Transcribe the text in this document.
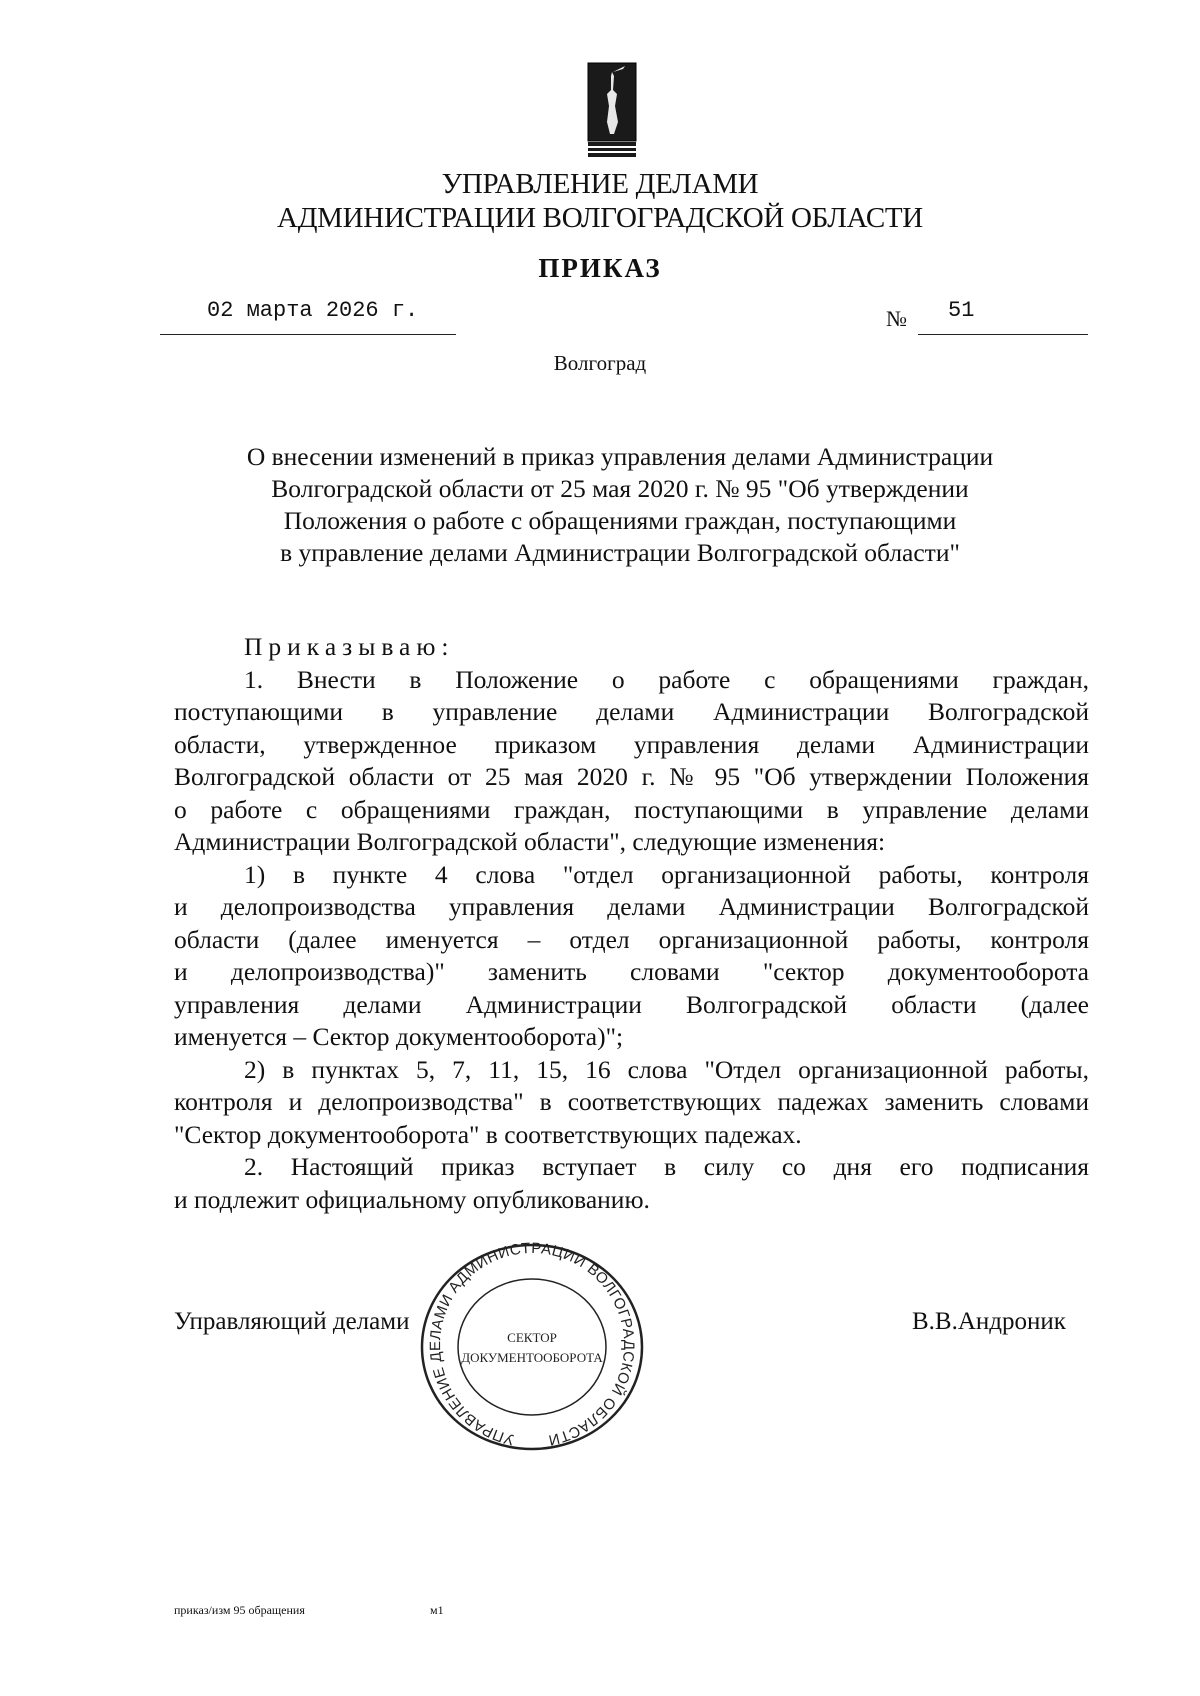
УПРАВЛЕНИЕ ДЕЛАМИ
АДМИНИСТРАЦИИ ВОЛГОГРАДСКОЙ ОБЛАСТИ
ПРИКАЗ
02 марта 2026 г.	№ 51
Волгоград
О внесении изменений в приказ управления делами Администрации
Волгоградской области от 25 мая 2020 г. № 95 "Об утверждении
Положения о работе с обращениями граждан, поступающими
в управление делами Администрации Волгоградской области"
Приказываю:
1. Внести в Положение о работе с обращениями граждан,
поступающими в управление делами Администрации Волгоградской
области, утвержденное приказом управления делами Администрации
Волгоградской области от 25 мая 2020 г. № 95 "Об утверждении Положения
о работе с обращениями граждан, поступающими в управление делами
Администрации Волгоградской области", следующие изменения:
1) в пункте 4 слова "отдел организационной работы, контроля
и делопроизводства управления делами Администрации Волгоградской
области (далее именуется – отдел организационной работы, контроля
и делопроизводства)" заменить словами "сектор документооборота
управления делами Администрации Волгоградской области (далее
именуется – Сектор документооборота)";
2) в пунктах 5, 7, 11, 15, 16 слова "Отдел организационной работы,
контроля и делопроизводства" в соответствующих падежах заменить словами
"Сектор документооборота" в соответствующих падежах.
2. Настоящий приказ вступает в силу со дня его подписания
и подлежит официальному опубликованию.
УПРАВЛЕНИЕ ДЕЛАМИ АДМИНИСТРАЦИИ ВОЛГОГРАДСКОЙ ОБЛАСТИ
СЕКТОР
ДОКУМЕНТООБОРОТА
Управляющий делами	В.В.Андроник
приказ/изм 95 обращения	м1
